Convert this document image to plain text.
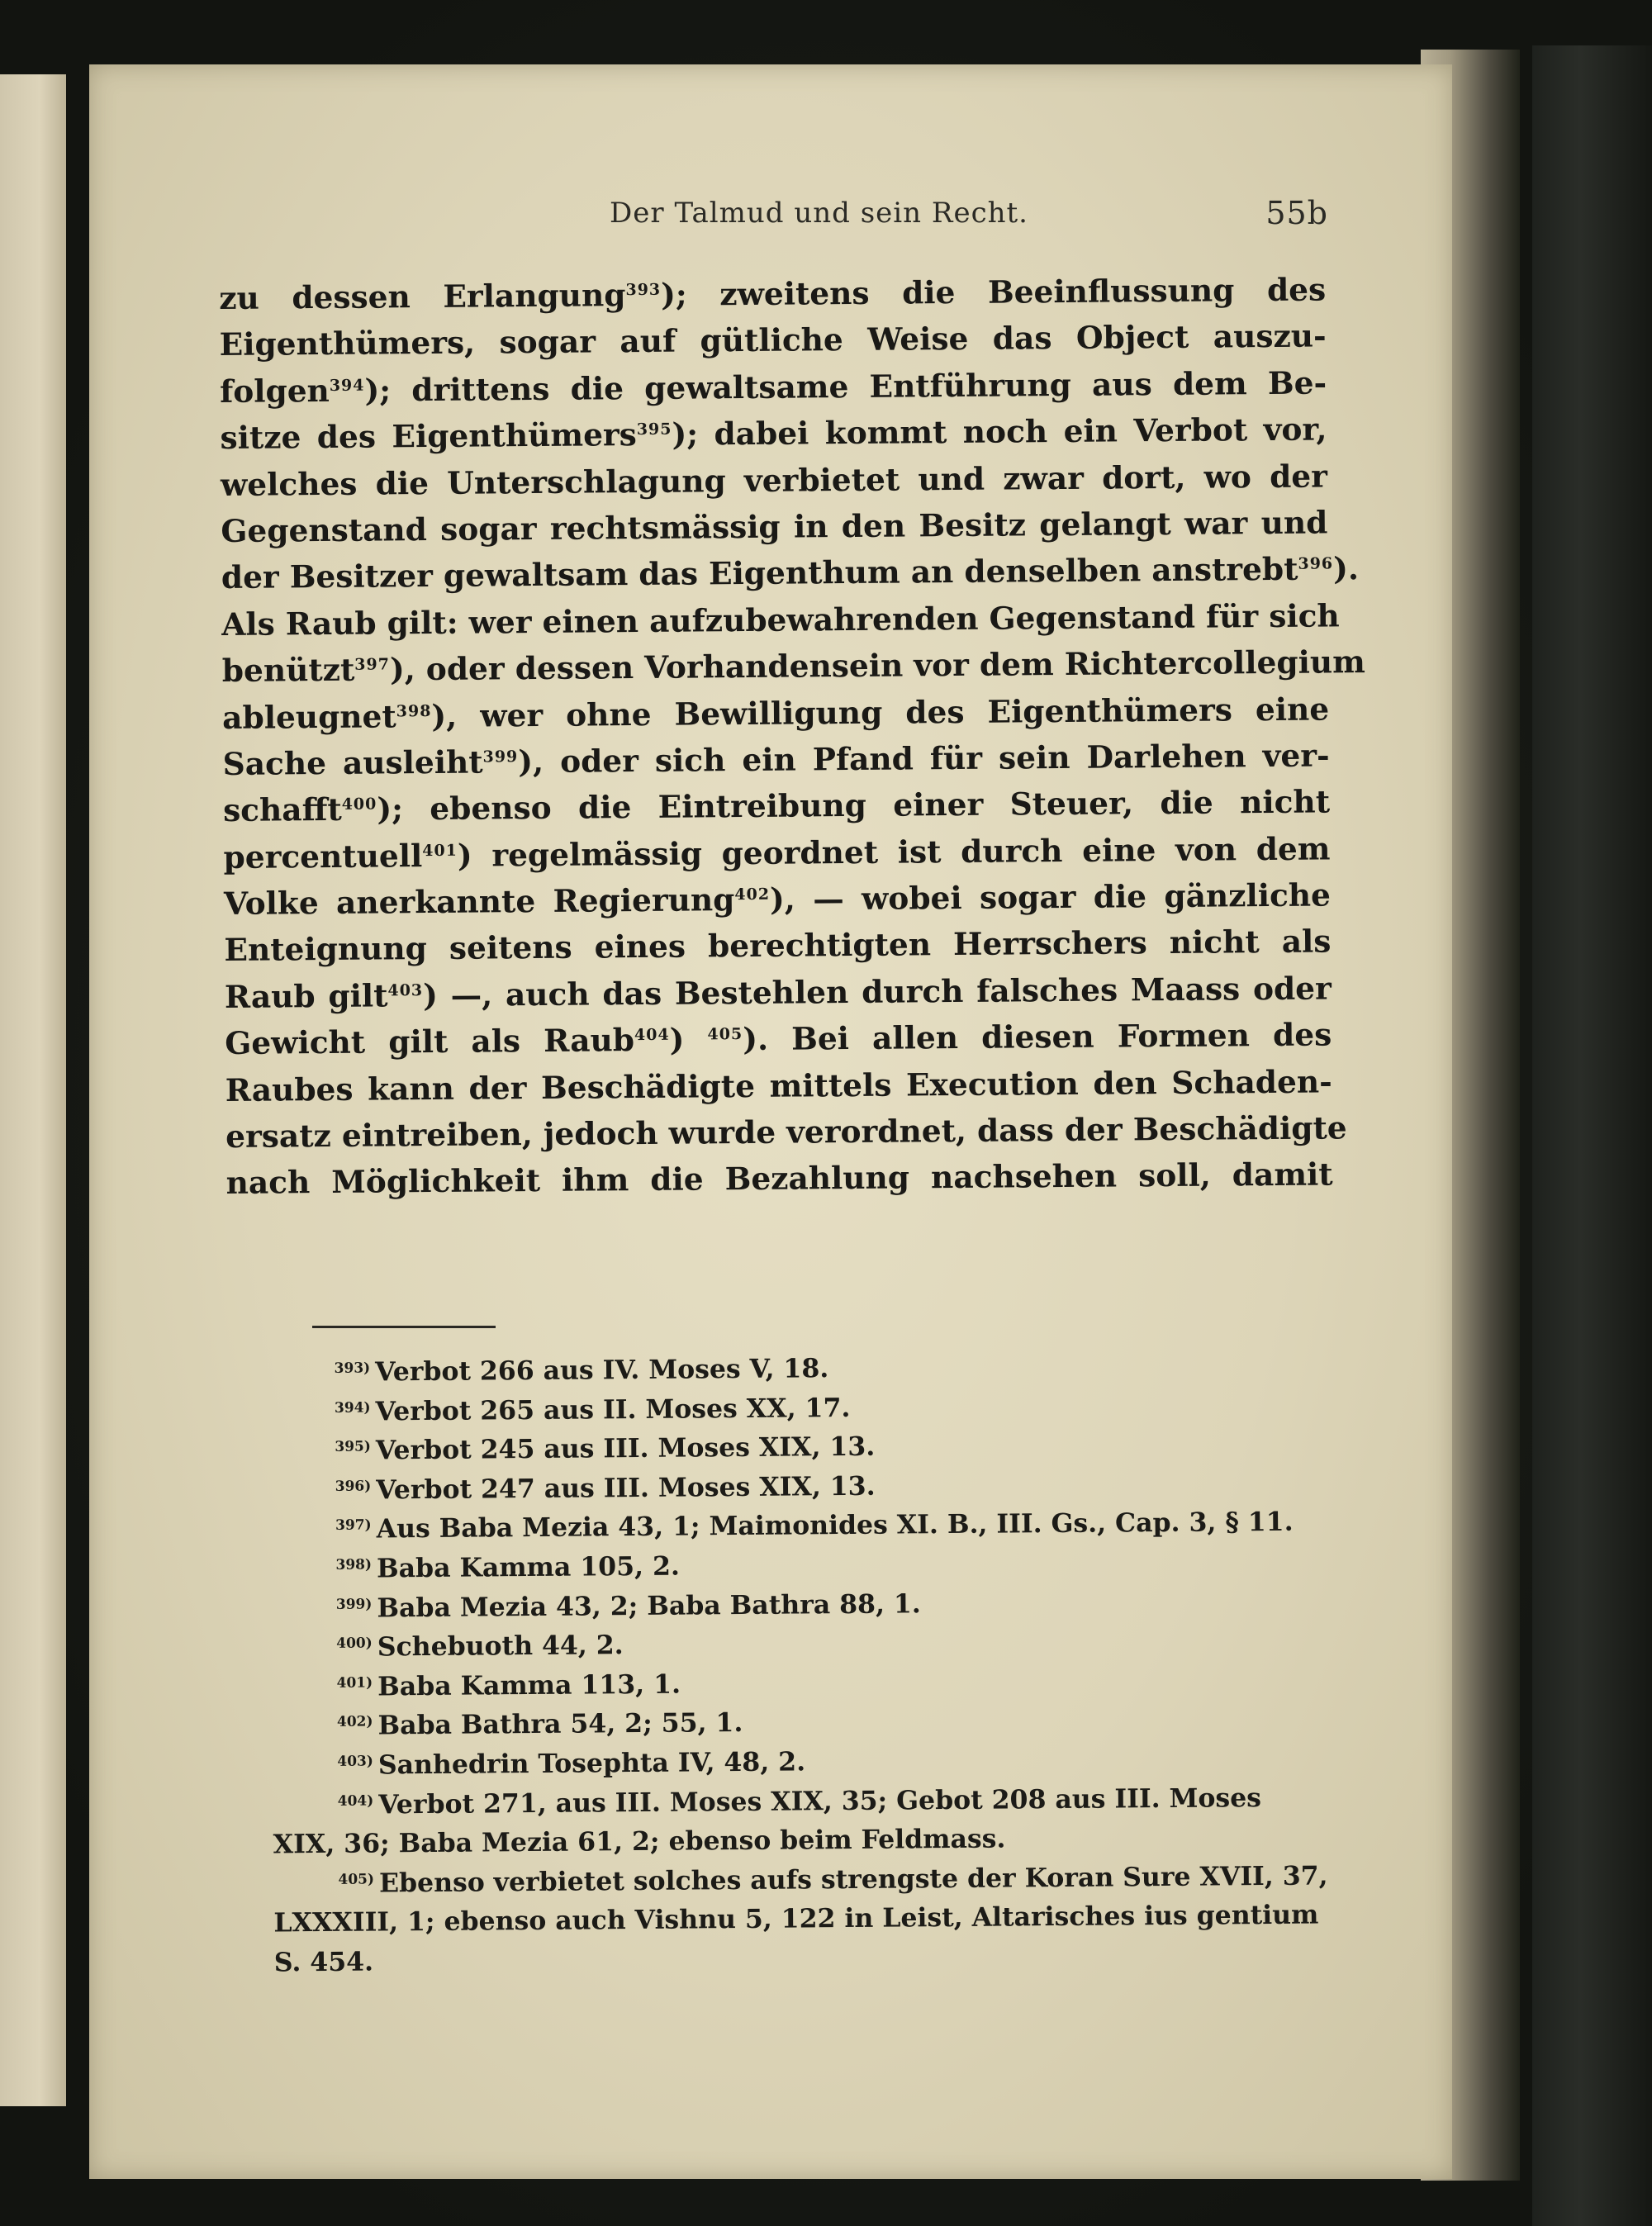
Der Talmud und sein Recht.	55b
zu dessen Erlangung$^{393}$); zweitens die Beeinflussung des
Eigenthümers, sogar auf gütliche Weise das Object auszu-
folgen$^{394}$); drittens die gewaltsame Entführung aus dem Be-
sitze des Eigenthümers$^{395}$); dabei kommt noch ein Verbot vor,
welches die Unterschlagung verbietet und zwar dort, wo der
Gegenstand sogar rechtsmässig in den Besitz gelangt war und
der Besitzer gewaltsam das Eigenthum an denselben anstrebt$^{396}$).
Als Raub gilt: wer einen aufzubewahrenden Gegenstand für sich
benützt$^{397}$), oder dessen Vorhandensein vor dem Richtercollegium
ableugnet$^{398}$), wer ohne Bewilligung des Eigenthümers eine
Sache ausleiht$^{399}$), oder sich ein Pfand für sein Darlehen ver-
schafft$^{400}$); ebenso die Eintreibung einer Steuer, die nicht
percentuell$^{401}$) regelmässig geordnet ist durch eine von dem
Volke anerkannte Regierung$^{402}$), — wobei sogar die gänzliche
Enteignung seitens eines berechtigten Herrschers nicht als
Raub gilt$^{403}$) —, auch das Bestehlen durch falsches Maass oder
Gewicht gilt als Raub$^{404}$) $^{405}$). Bei allen diesen Formen des
Raubes kann der Beschädigte mittels Execution den Schaden-
ersatz eintreiben, jedoch wurde verordnet, dass der Beschädigte
nach Möglichkeit ihm die Bezahlung nachsehen soll, damit
393) Verbot 266 aus IV. Moses V, 18.
394) Verbot 265 aus II. Moses XX, 17.
395) Verbot 245 aus III. Moses XIX, 13.
396) Verbot 247 aus III. Moses XIX, 13.
397) Aus Baba Mezia 43, 1; Maimonides XI. B., III. Gs., Cap. 3, § 11.
398) Baba Kamma 105, 2.
399) Baba Mezia 43, 2; Baba Bathra 88, 1.
400) Schebuoth 44, 2.
401) Baba Kamma 113, 1.
402) Baba Bathra 54, 2; 55, 1.
403) Sanhedrin Tosephta IV, 48, 2.
404) Verbot 271, aus III. Moses XIX, 35; Gebot 208 aus III. Moses
XIX, 36; Baba Mezia 61, 2; ebenso beim Feldmass.
405) Ebenso verbietet solches aufs strengste der Koran Sure XVII, 37,
LXXXIII, 1; ebenso auch Vishnu 5, 122 in Leist, Altarisches ius gentium
S. 454.
